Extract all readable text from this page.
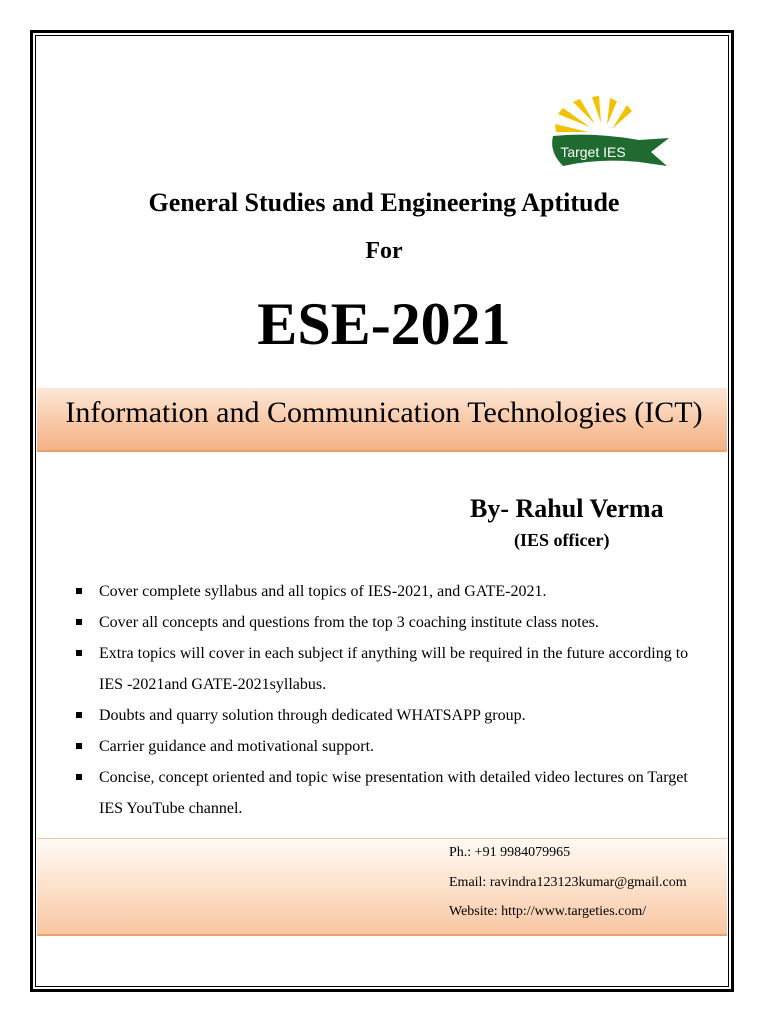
Target IES
General Studies and Engineering Aptitude
For
ESE-2021
Information and Communication Technologies (ICT)
By- Rahul Verma
(IES officer)
Cover complete syllabus and all topics of IES-2021, and GATE-2021.
Cover all concepts and questions from the top 3 coaching institute class notes.
Extra topics will cover in each subject if anything will be required in the future according to IES -2021and GATE-2021syllabus.
Doubts and quarry solution through dedicated WHATSAPP group.
Carrier guidance and motivational support.
Concise, concept oriented and topic wise presentation with detailed video lectures on Target IES YouTube channel.
Ph.: +91 9984079965
Email: ravindra123123kumar@gmail.com
Website: http://www.targeties.com/
